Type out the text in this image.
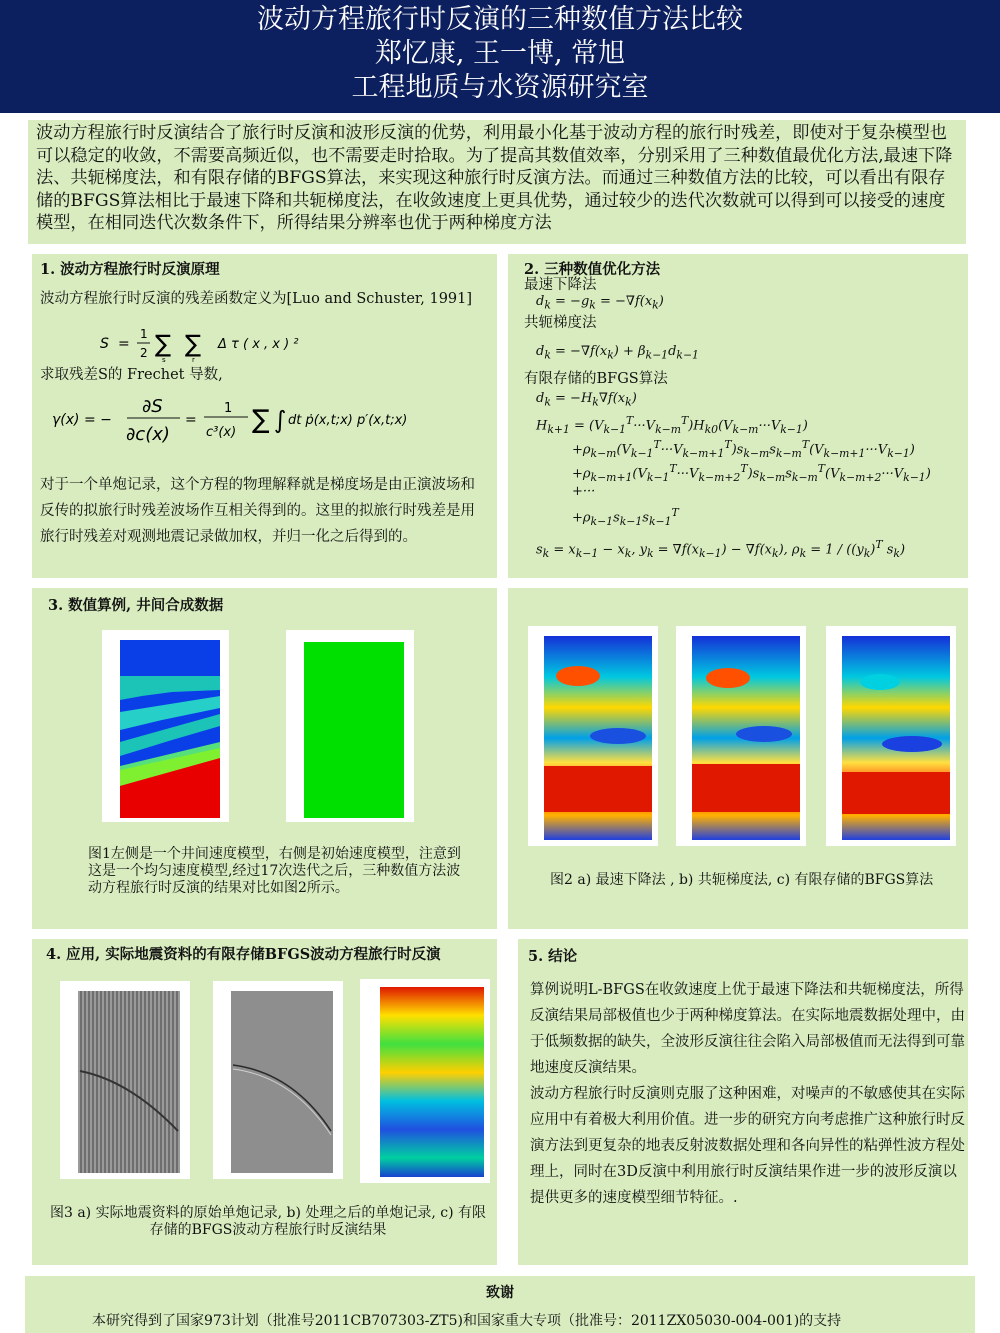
波动方程旅行时反演的三种数值方法比较
郑忆康, 王一博, 常旭
工程地质与水资源研究室
波动方程旅行时反演结合了旅行时反演和波形反演的优势，利用最小化基于波动方程的旅行时残差，即使对于复杂模型也可以稳定的收敛，不需要高频近似，也不需要走时拾取。为了提高其数值效率，分别采用了三种数值最优化方法,最速下降法、共轭梯度法，和有限存储的BFGS算法，来实现这种旅行时反演方法。而通过三种数值方法的比较，可以看出有限存储的BFGS算法相比于最速下降和共轭梯度法，在收敛速度上更具优势，通过较少的迭代次数就可以得到可以接受的速度模型，在相同迭代次数条件下，所得结果分辨率也优于两种梯度方法
1. 波动方程旅行时反演原理
波动方程旅行时反演的残差函数定义为[Luo and Schuster, 1991]
S =
1
2 ∑
s
∑
r
Δ τ ( x , x ) ²
求取残差S的 Frechet 导数,
γ(x) = −
∂S
∂c(x)
=
1
c³(x) ∑ ∫ dt ṗ(x,t;x) p′(x,t;x)
对于一个单炮记录，这个方程的物理解释就是梯度场是由正演波场和反传的拟旅行时残差波场作互相关得到的。这里的拟旅行时残差是用旅行时残差对观测地震记录做加权，并归一化之后得到的。
2. 三种数值优化方法
最速下降法
$d_k = -g_k = -\nabla f(x_k)$
共轭梯度法
$d_k = -\nabla f(x_k) + \beta_{k-1}d_{k-1}$
有限存储的BFGS算法
$d_k = -H_k\nabla f(x_k)$
$H_{k+1} = (V_{k-1}^T\cdot\cdot\cdot V_{k-m}^T)H_{k0}(V_{k-m}\cdot\cdot\cdot V_{k-1})$
$+\rho_{k-m}(V_{k-1}^T\cdot\cdot\cdot V_{k-m+1}^T)s_{k-m}s_{k-m}^T(V_{k-m+1}\cdot\cdot\cdot V_{k-1})$
$+\rho_{k-m+1}(V_{k-1}^T\cdot\cdot\cdot V_{k-m+2}^T)s_{k-m}s_{k-m}^T(V_{k-m+2}\cdot\cdot\cdot V_{k-1})$
+···
$+\rho_{k-1}s_{k-1}s_{k-1}^T$
$s_k = x_{k-1} - x_k$, $y_k = \nabla f(x_{k-1}) - \nabla f(x_k)$, $\rho_k = 1 / ((y_k)^T$ $s_k$)
3. 数值算例, 井间合成数据
图1左侧是一个井间速度模型，右侧是初始速度模型，注意到这是一个均匀速度模型,经过17次迭代之后，三种数值方法波动方程旅行时反演的结果对比如图2所示。	图2 a) 最速下降法 , b) 共轭梯度法, c) 有限存储的BFGS算法
4. 应用, 实际地震资料的有限存储BFGS波动方程旅行时反演
图3 a) 实际地震资料的原始单炮记录, b) 处理之后的单炮记录, c) 有限存储的BFGS波动方程旅行时反演结果
5. 结论
算例说明L-BFGS在收敛速度上优于最速下降法和共轭梯度法，所得反演结果局部极值也少于两种梯度算法。在实际地震数据处理中，由于低频数据的缺失，全波形反演往往会陷入局部极值而无法得到可靠地速度反演结果。
波动方程旅行时反演则克服了这种困难，对噪声的不敏感使其在实际应用中有着极大利用价值。进一步的研究方向考虑推广这种旅行时反演方法到更复杂的地表反射波数据处理和各向异性的粘弹性波方程处理上，同时在3D反演中利用旅行时反演结果作进一步的波形反演以提供更多的速度模型细节特征。.
致谢
本研究得到了国家973计划（批准号2011CB707303-ZT5)和国家重大专项（批准号：2011ZX05030-004-001)的支持
